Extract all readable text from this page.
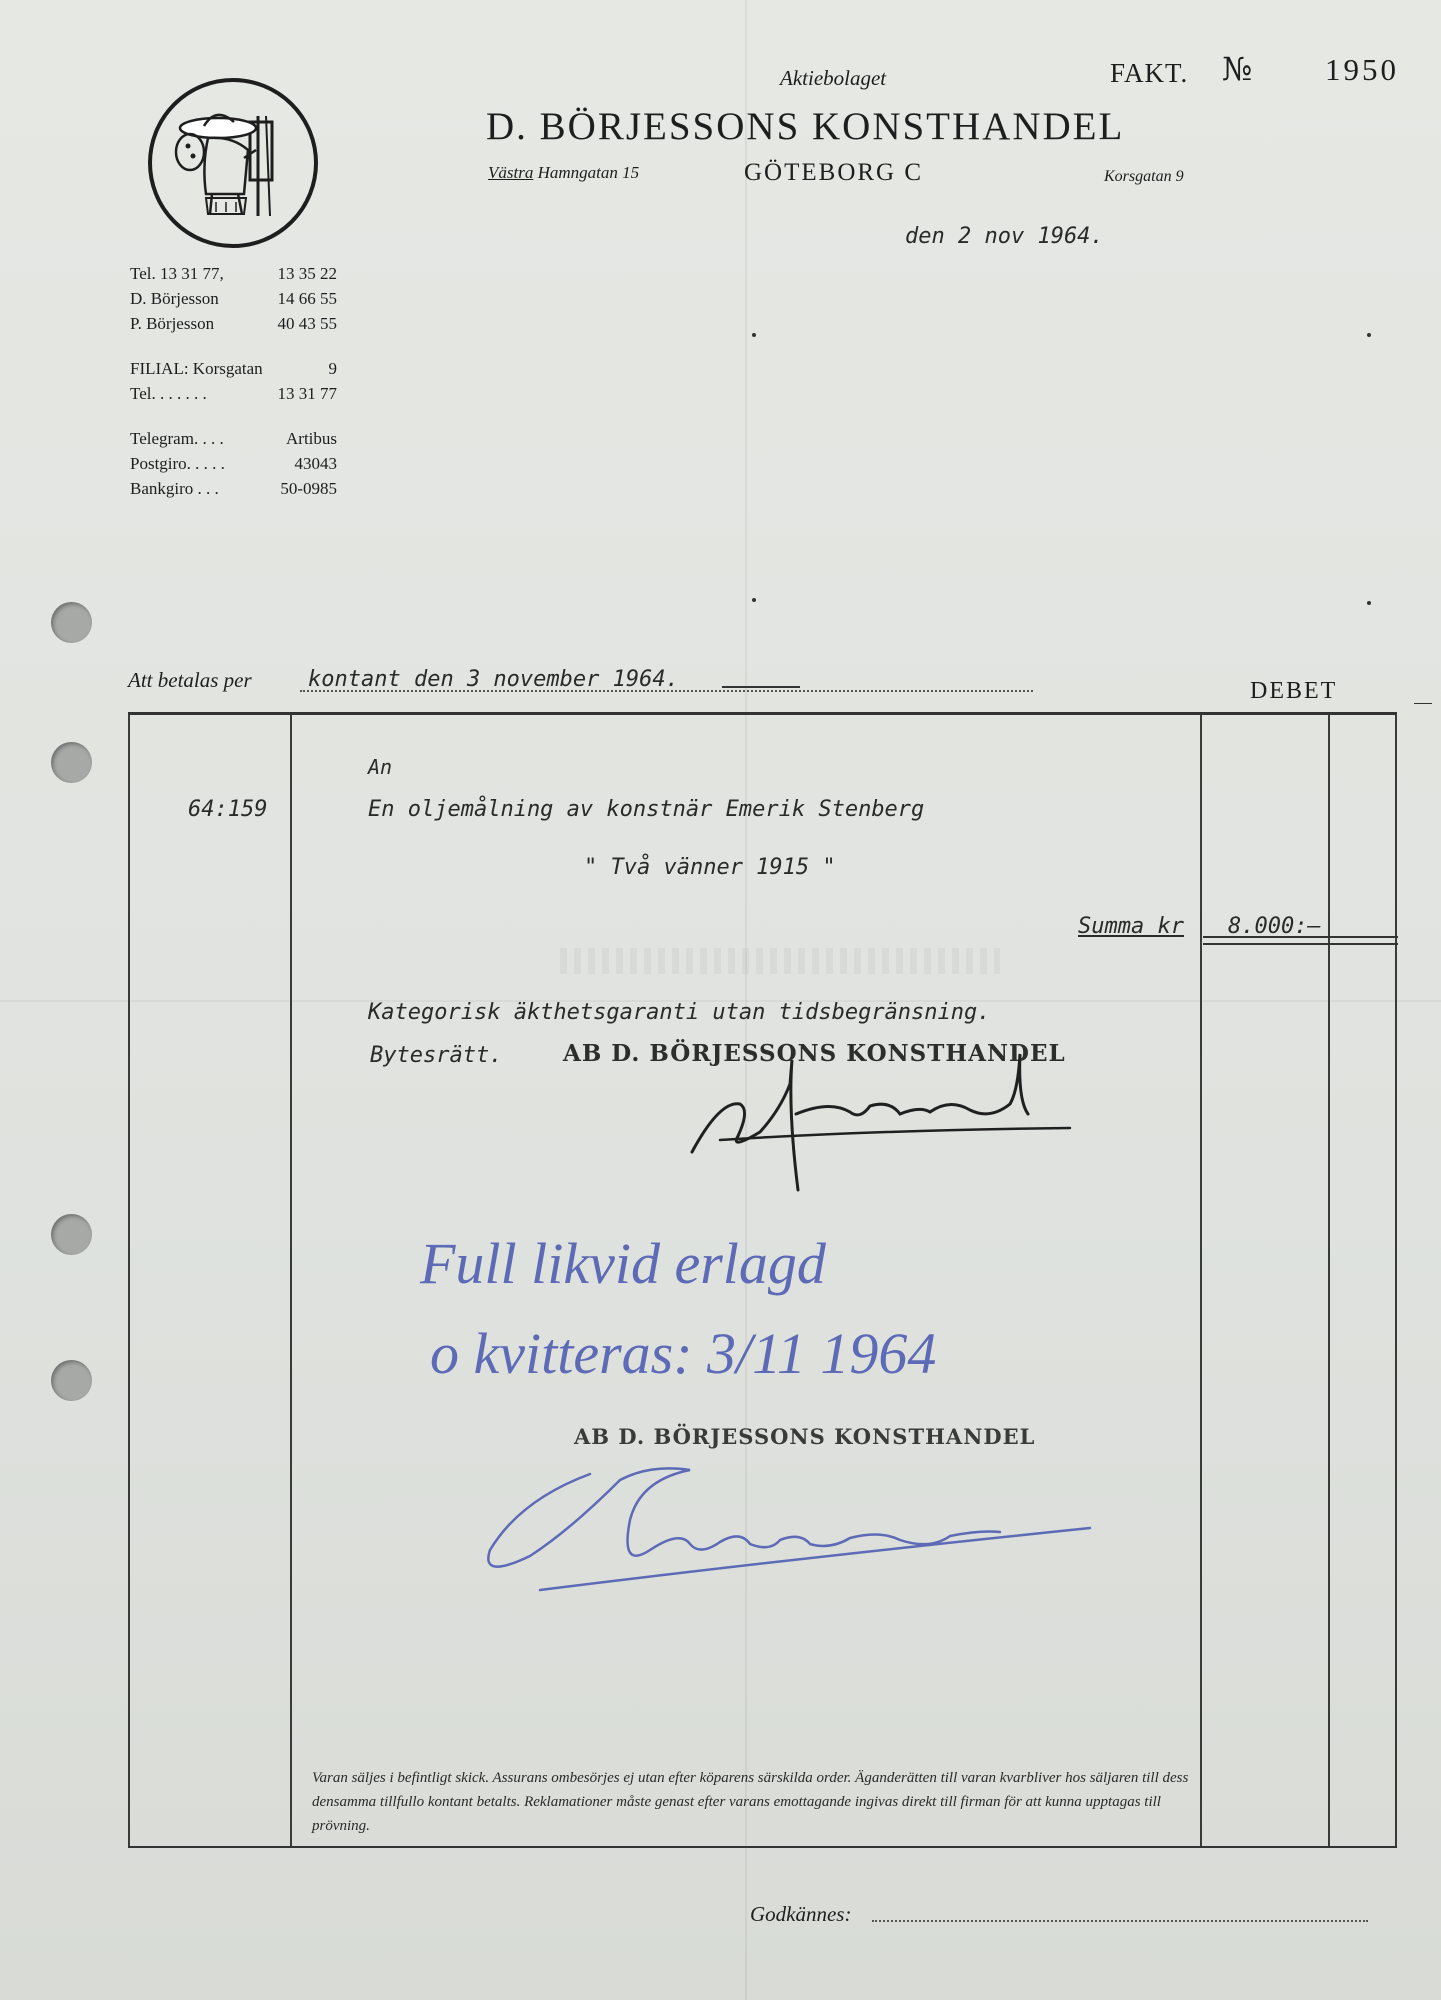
Aktiebolaget
D. BÖRJESSONS KONSTHANDEL
Västra Hamngatan 15	GÖTEBORG C	Korsgatan 9
FAKT. № 1950
den 2 nov 1964.
Tel. 13 31 77,	13 35 22
D. Börjesson	14 66 55
P. Börjesson	40 43 55
FILIAL: Korsgatan	9
Tel. . . . . . .	13 31 77
Telegram. . . .	Artibus
Postgiro. . . . .	43043
Bankgiro . . .	50-0985
Att betalas per	kontant den 3 november 1964.	DEBET
An
64:159	En oljemålning av konstnär Emerik Stenberg
" Två vänner 1915 "
Summa kr 8.000:—
Kategorisk äkthetsgaranti utan tidsbegränsning.
Bytesrätt.	AB D. BÖRJESSONS KONSTHANDEL
Full likvid erlagd
o kvitteras: 3/11 1964
AB D. BÖRJESSONS KONSTHANDEL
Varan säljes i befintligt skick. Assurans ombesörjes ej utan efter köparens särskilda order. Äganderätten till varan kvarbliver hos säljaren till dess densamma tillfullo kontant betalts. Reklamationer måste genast efter varans emottagande ingivas direkt till firman för att kunna upptagas till prövning.
Godkännes:
